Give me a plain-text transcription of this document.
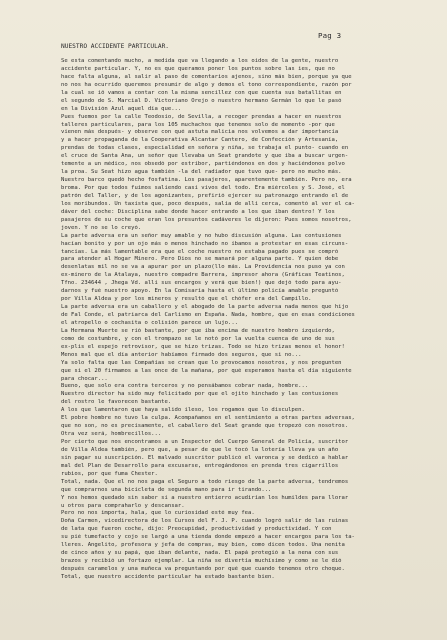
Pag 3
NUESTRO ACCIDENTE PARTICULAR.
Se esta comentando mucho, a medida que va llegando a los oidos de la gente, nuestro
accidente particular. Y, no es que queramos poner los puntos sobre las ies, que no
hace falta alguna, al salir al paso de comentarios ajenos, sino más bien, porque ya que
no nos ha ocurrido queremos presumir de algo y demos el tono correspondiente, razón por
la cual se iô vamos a contar con la misma sencillez con que cuenta sus batallitas en
el segundo de S. Marcial D. Victoriano Orejo o nuestro hermano Germán lo que le pasó
en la División Azul aquel día que...
Pues fuemos por la calle Teodosio, de Sevilla, a recoger prendas a hacer en nuestros
talleres particulares, para los 105 muchachos que tenemos solo de momento -por que
vienen más después- y observe con qué astuta malicia nos volvemos a dar importancia
y a hacer propaganda de la Cooperativa Alcantar Cantero, de Confección y Artesanía,
prendas de todas clases, especialidad en señora y niña, se trabaja el punto- cuando en
el cruce de Santa Ana, un señor que llevaba un Seat grandote y que iba a buscar urgen-
temente a un médico, nos obsedó por estribor, partiéndonos en dos y haciéndonos polvo
la proa. Su Seat hizo agua también -la del radiador que tuvo que- pero no mucho más.
Nuestro barco quedó hecho fosfatina. Los pasajeros, aparentemente también. Pero no, era
broma. Por que todos fuimos saliendo casi vivos del todo. Era miércoles y S. José, el
patrón del Taller, y de los agonizantes, prefirió ejercer su patronazgo entrando el de
los moribundos. Un taxista que, poco después, salía de allí cerca, comentó al ver el ca-
dáver del coche: Disciplina sabe donde hacer entrando a los que iban dentro! Y los
pasajeros de su coche que eran los presuntos cadáveres le dijeron: Pues somos nosotros,
joven. Y no se lo creyó.
La parte adversa era un señor muy amable y no hubo discusión alguna. Las contusiones
hacían bonito y por un ojo más o menos hinchado no íbamos a protestar en esas circuns-
tancias. La más lamentable era que el coche nuestro no estaba pagado pues se compró
para atender al Hogar Minero. Pero Dios no se manará por alguna parte. Y quien debe
desenlatas mil no se va a apurar por un plazo(llo más. La Providencia nos puso ya con
ex-minero de la Atalaya, nuestro compadre Barrera, impresor ahora (Gráficas Teatinos,
Tfno. 234644 , Jhega Vd. allí sus encargos y verá que bien!) que dejó todo para ayu-
darnos y fué nuestro apoyo. En la Comisaría hasta el último policía amable preguntó
por Villa Aldea y por los mineros y resultó que el chófer era del Campillo.
La parte adversa era un caballero y el abogado de la parte adversa nada menos que hijo
de Fal Conde, el patriarca del Carlismo en España. Nada, hombre, que en esas condiciones
el atropello o cochasita o colisión parece un lujo...
La Hermana Muerte se rió bastante, por que iba encima de nuestro hombro izquierdo,
como de costumbre, y con el trompazo se le notó por la vuelta cuenca de uno de sus
ex-plis el espejo retrovisor, que se hizo trizas. Todo se hizo trizas menos el honor!
Menos mal que el día anterior habíamos firmado dos seguros, que si no...
Ya solo falta que las Compañías se crean que lo provocamos nosotros, y nos pregunten
que si el 20 firmamos a las once de la mañana, por qué esperamos hasta el día siguiente
para chocar...
Bueno, que solo era contra terceros y no pensábamos cobrar nada, hombre...
Nuestro director ha sido muy felicitado por que el ojito hinchado y las contusiones
del rostro le favorecen bastante.
A los que lamentaron que haya salido ileso, los rogamos que lo disculpen.
El pobre hombre no tuvo la culpa. Acompañamos en el sentimiento a otras partes adversas,
que no son, no es precisamente, el caballero del Seat grande que tropezó con nosotros.
Otra vez será, hombrecillos...
Por cierto que nos encontramos a un Inspector del Cuerpo General de Policía, suscritor
de Villa Aldea también, pero que, a pesar de que le tocó la lotería lleva ya un año
sin pagar su suscripción. El malvado suscritor publicó el varonca y se dedicó a hablar
mal del Plan de Desarrollo para excusarse, entregándonos en prenda tres cigarrillos
rubios, por que fuma Chester.
Total, nada. Que el no nos paga el Seguro a todo riesgo de la parte adversa, tendremos
que comprarnos una bicicleta de segunda mano para ir tirando...
Y nos hemos quedado sin saber si a nuestro entierro acudirían los humildes para llorar
u otros para compraharlo y descansar.
Pero no nos importa, hala, que lo curiosidad esté muy fea.
Doña Carmen, vicedirectora de los Cursos del F. J. P. cuando logró salir de las ruinas
de lata que fueron coche, dijo: Preocupidad, productividad y productividad. Y con
su pié tumefacto y cojo se largó a una tienda donde empezó a hacer encargos para los ta-
lleres. Angelito, profesora y jefa de compras, muy bien, como dicen todos. Una nenita
de cinco años y su papá, que iban delante, nada. El papá protegió a la nena con sus
brazos y recibió un fortazo ejemplar. La niña se divertía muchísimo y como se le dió
después caramelos y una muñeca va preguntando por qué que cuando tenemos otro choque.
Total, que nuestro accidente particular ha estado bastante bien.
